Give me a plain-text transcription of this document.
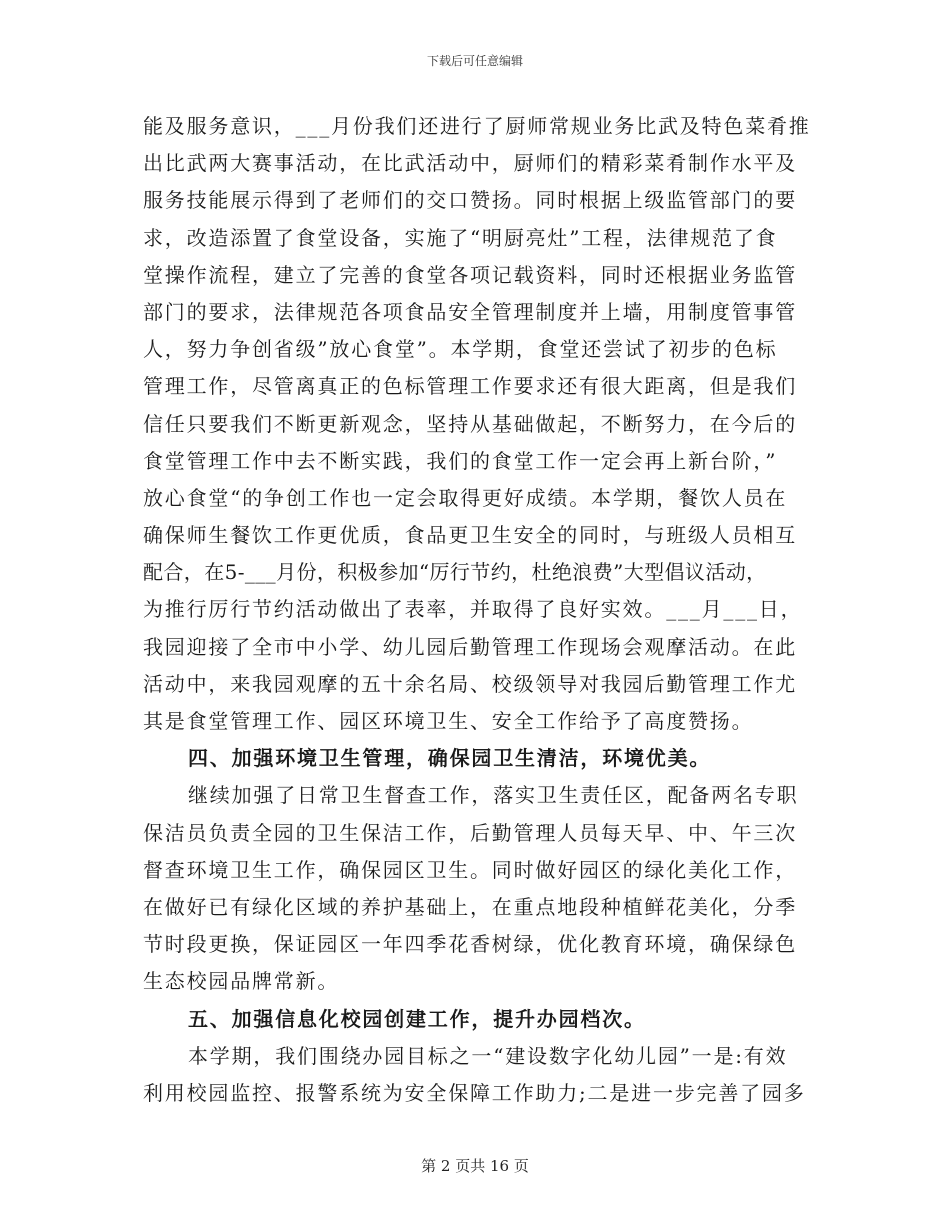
下载后可任意编辑
能及服务意识，___月份我们还进行了厨师常规业务比武及特色菜肴推
出比武两大赛事活动，在比武活动中，厨师们的精彩菜肴制作水平及
服务技能展示得到了老师们的交口赞扬。同时根据上级监管部门的要
求，改造添置了食堂设备，实施了“明厨亮灶”工程，法律规范了食
堂操作流程，建立了完善的食堂各项记载资料，同时还根据业务监管
部门的要求，法律规范各项食品安全管理制度并上墙，用制度管事管
人，努力争创省级”放心食堂”。本学期，食堂还尝试了初步的色标
管理工作，尽管离真正的色标管理工作要求还有很大距离，但是我们
信任只要我们不断更新观念，坚持从基础做起，不断努力，在今后的
食堂管理工作中去不断实践，我们的食堂工作一定会再上新台阶，”
放心食堂“的争创工作也一定会取得更好成绩。本学期，餐饮人员在
确保师生餐饮工作更优质，食品更卫生安全的同时，与班级人员相互
配合，在5-___月份，积极参加“厉行节约，杜绝浪费”大型倡议活动，
为推行厉行节约活动做出了表率，并取得了良好实效。___月___日，
我园迎接了全市中小学、幼儿园后勤管理工作现场会观摩活动。在此
活动中，来我园观摩的五十余名局、校级领导对我园后勤管理工作尤
其是食堂管理工作、园区环境卫生、安全工作给予了高度赞扬。
四、加强环境卫生管理，确保园卫生清洁，环境优美。
继续加强了日常卫生督查工作，落实卫生责任区，配备两名专职
保洁员负责全园的卫生保洁工作，后勤管理人员每天早、中、午三次
督查环境卫生工作，确保园区卫生。同时做好园区的绿化美化工作，
在做好已有绿化区域的养护基础上，在重点地段种植鲜花美化，分季
节时段更换，保证园区一年四季花香树绿，优化教育环境，确保绿色
生态校园品牌常新。
五、加强信息化校园创建工作，提升办园档次。
本学期，我们围绕办园目标之一“建设数字化幼儿园”一是:有效
利用校园监控、报警系统为安全保障工作助力;二是进一步完善了园多
第 2 页共 16 页
